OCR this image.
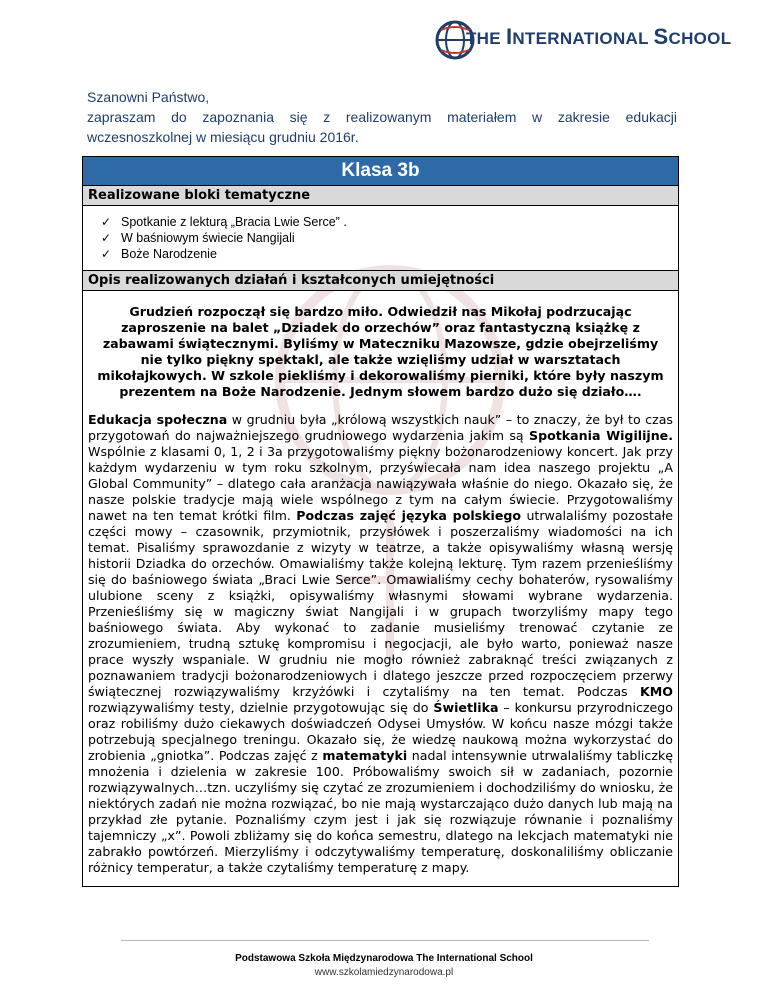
THE INTERNATIONAL SCHOOL

Szanowni Państwo,

zapraszam do zapoznania się z realizowanym materiałem w zakresie edukacji wczesnoszkolnej w miesiącu grudniu 2016r.

Klasa 3b
Realizowane bloki tematyczne

✓ Spotkanie z lekturą „Bracia Lwie Serce” .
✓ W baśniowym świecie Nangijali
✓ Boże Narodzenie

Opis realizowanych działań i kształconych umiejętności

Grudzień rozpoczął się bardzo miło. Odwiedził nas Mikołaj podrzucając zaproszenie na balet „Dziadek do orzechów” oraz fantastyczną książkę z zabawami świątecznymi. Byliśmy w Mateczniku Mazowsze, gdzie obejrzeliśmy nie tylko piękny spektakl, ale także wzięliśmy udział w warsztatach mikołajkowych. W szkole piekliśmy i dekorowaliśmy pierniki, które były naszym prezentem na Boże Narodzenie. Jednym słowem bardzo dużo się działo….

Edukacja społeczna w grudniu była „królową wszystkich nauk” – to znaczy, że był to czas przygotowań do najważniejszego grudniowego wydarzenia jakim są Spotkania Wigilijne. Wspólnie z klasami 0, 1, 2 i 3a przygotowaliśmy piękny bożonarodzeniowy koncert. Jak przy każdym wydarzeniu w tym roku szkolnym, przyświecała nam idea naszego projektu „A Global Community” – dlatego cała aranżacja nawiązywała właśnie do niego. Okazało się, że nasze polskie tradycje mają wiele wspólnego z tym na całym świecie. Przygotowaliśmy nawet na ten temat krótki film. Podczas zajęć języka polskiego utrwalaliśmy pozostałe części mowy – czasownik, przymiotnik, przysłówek i poszerzaliśmy wiadomości na ich temat. Pisaliśmy sprawozdanie z wizyty w teatrze, a także opisywaliśmy własną wersję historii Dziadka do orzechów. Omawialiśmy także kolejną lekturę. Tym razem przenieśliśmy się do baśniowego świata „Braci Lwie Serce”. Omawialiśmy cechy bohaterów, rysowaliśmy ulubione sceny z książki, opisywaliśmy własnymi słowami wybrane wydarzenia. Przenieśliśmy się w magiczny świat Nangijali i w grupach tworzyliśmy mapy tego baśniowego świata. Aby wykonać to zadanie musieliśmy trenować czytanie ze zrozumieniem, trudną sztukę kompromisu i negocjacji, ale było warto, ponieważ nasze prace wyszły wspaniale. W grudniu nie mogło również zabraknąć treści związanych z poznawaniem tradycji bożonarodzeniowych i dlatego jeszcze przed rozpoczęciem przerwy świątecznej rozwiązywaliśmy krzyżówki i czytaliśmy na ten temat. Podczas KMO rozwiązywaliśmy testy, dzielnie przygotowując się do Świetlika – konkursu przyrodniczego oraz robiliśmy dużo ciekawych doświadczeń Odysei Umysłów. W końcu nasze mózgi także potrzebują specjalnego treningu. Okazało się, że wiedzę naukową można wykorzystać do zrobienia „gniotka”. Podczas zajęć z matematyki nadal intensywnie utrwalaliśmy tabliczkę mnożenia i dzielenia w zakresie 100. Próbowaliśmy swoich sił w zadaniach, pozornie rozwiązywalnych…tzn. uczyliśmy się czytać ze zrozumieniem i dochodziliśmy do wniosku, że niektórych zadań nie można rozwiązać, bo nie mają wystarczająco dużo danych lub mają na przykład złe pytanie. Poznaliśmy czym jest i jak się rozwiązuje równanie i poznaliśmy tajemniczy „x”. Powoli zbliżamy się do końca semestru, dlatego na lekcjach matematyki nie zabrakło powtórzeń. Mierzyliśmy i odczytywaliśmy temperaturę, doskonaliliśmy obliczanie różnicy temperatur, a także czytaliśmy temperaturę z mapy.

Podstawowa Szkoła Międzynarodowa The International School
www.szkolamiedzynarodowa.pl
